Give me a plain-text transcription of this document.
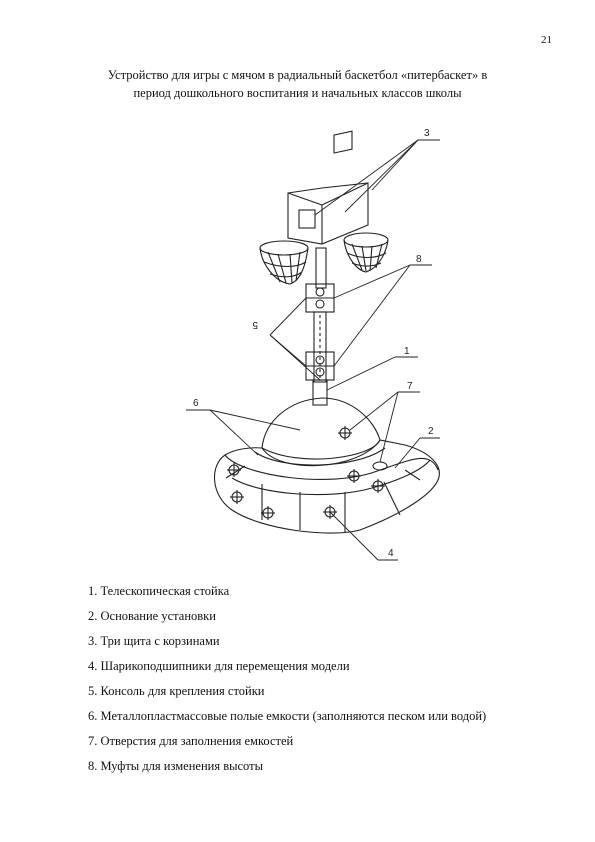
21
Устройство для игры с мячом в радиальный баскетбол «питербаскет» в
период дошкольного воспитания и начальных классов школы
3
8
5
1
7
6
2
4
1. Телескопическая стойка
2. Основание установки
3. Три щита с корзинами
4. Шарикоподшипники для перемещения модели
5. Консоль для крепления стойки
6. Металлопластмассовые полые емкости (заполняются песком или водой)
7. Отверстия для заполнения емкостей
8. Муфты для изменения высоты
